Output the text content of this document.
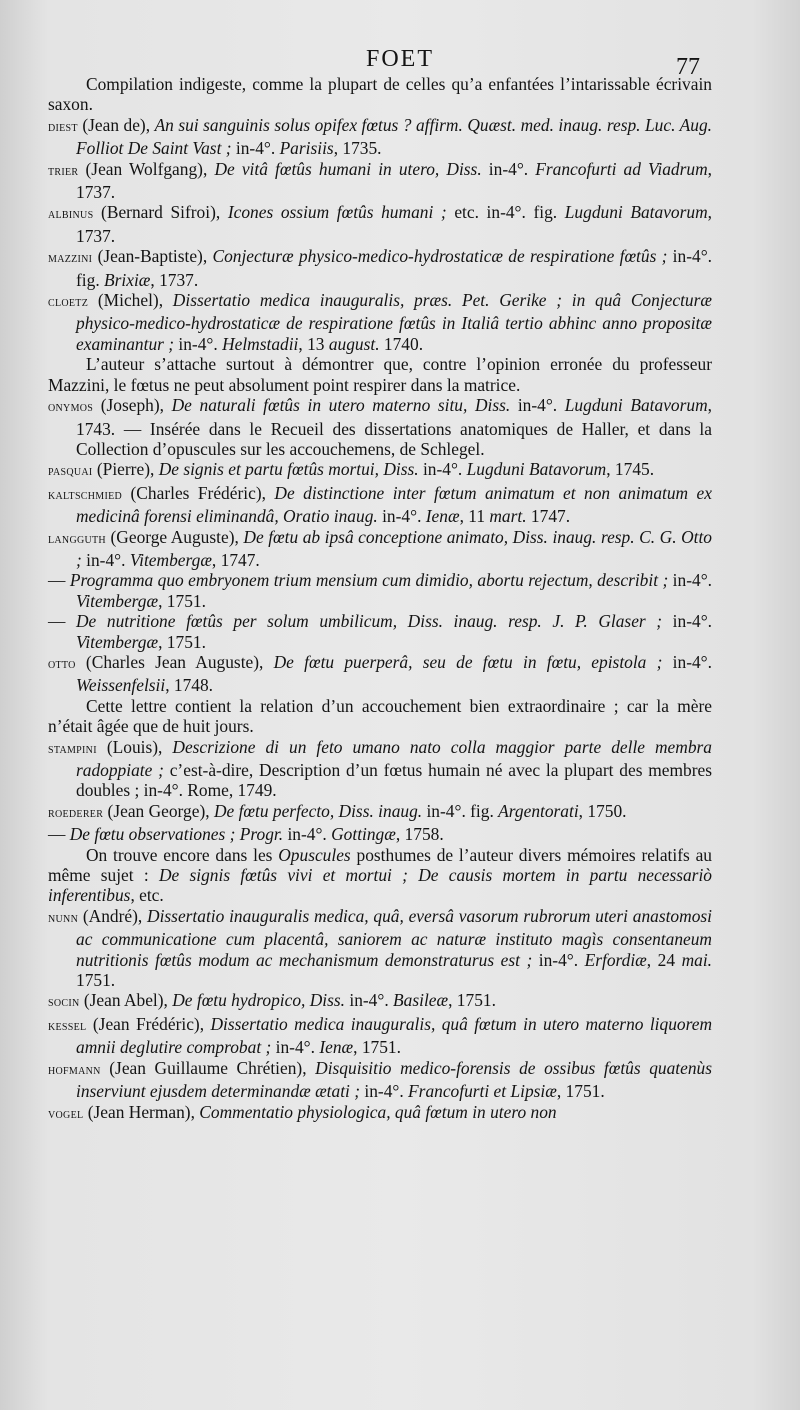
FOET	77

Compilation indigeste, comme la plupart de celles qu’a enfantées l’intarissable écrivain saxon.

diest (Jean de), An sui sanguinis solus opifex fœtus ? affirm. Quæst. med. inaug. resp. Luc. Aug. Folliot De Saint Vast ; in-4°. Parisiis, 1735.

trier (Jean Wolfgang), De vitâ fœtûs humani in utero, Diss. in-4°. Francofurti ad Viadrum, 1737.

albinus (Bernard Sifroi), Icones ossium fœtûs humani ; etc. in-4°. fig. Lugduni Batavorum, 1737.

mazzini (Jean-Baptiste), Conjecturæ physico-medico-hydrostaticæ de respiratione fœtûs ; in-4°. fig. Brixiæ, 1737.

cloetz (Michel), Dissertatio medica inauguralis, præs. Pet. Gerike ; in quâ Conjecturæ physico-medico-hydrostaticæ de respiratione fœtûs in Italiâ tertio abhinc anno propositæ examinantur ; in-4°. Helmstadii, 13 august. 1740.

L’auteur s’attache surtout à démontrer que, contre l’opinion erronée du professeur Mazzini, le fœtus ne peut absolument point respirer dans la matrice.

onymos (Joseph), De naturali fœtûs in utero materno situ, Diss. in-4°. Lugduni Batavorum, 1743. — Insérée dans le Recueil des dissertations anatomiques de Haller, et dans la Collection d’opuscules sur les accouchemens, de Schlegel.

pasquai (Pierre), De signis et partu fœtûs mortui, Diss. in-4°. Lugduni Batavorum, 1745.

kaltschmied (Charles Frédéric), De distinctione inter fœtum animatum et non animatum ex medicinâ forensi eliminandâ, Oratio inaug. in-4°. Ienæ, 11 mart. 1747.

langguth (George Auguste), De fœtu ab ipsâ conceptione animato, Diss. inaug. resp. C. G. Otto ; in-4°. Vitembergæ, 1747.

— Programma quo embryonem trium mensium cum dimidio, abortu rejectum, describit ; in-4°. Vitembergæ, 1751.

— De nutritione fœtûs per solum umbilicum, Diss. inaug. resp. J. P. Glaser ; in-4°. Vitembergæ, 1751.

otto (Charles Jean Auguste), De fœtu puerperâ, seu de fœtu in fœtu, epistola ; in-4°. Weissenfelsii, 1748.

Cette lettre contient la relation d’un accouchement bien extraordinaire ; car la mère n’était âgée que de huit jours.

stampini (Louis), Descrizione di un feto umano nato colla maggior parte delle membra radoppiate ; c’est-à-dire, Description d’un fœtus humain né avec la plupart des membres doubles ; in-4°. Rome, 1749.

roederer (Jean George), De fœtu perfecto, Diss. inaug. in-4°. fig. Argentorati, 1750.

— De fœtu observationes ; Progr. in-4°. Gottingæ, 1758.

On trouve encore dans les Opuscules posthumes de l’auteur divers mémoires relatifs au même sujet : De signis fœtûs vivi et mortui ; De causis mortem in partu necessariò inferentibus, etc.

nunn (André), Dissertatio inauguralis medica, quâ, eversâ vasorum rubrorum uteri anastomosi ac communicatione cum placentâ, saniorem ac naturæ instituto magìs consentaneum nutritionis fœtûs modum ac mechanismum demonstraturus est ; in-4°. Erfordiæ, 24 mai. 1751.

socin (Jean Abel), De fœtu hydropico, Diss. in-4°. Basileæ, 1751.

kessel (Jean Frédéric), Dissertatio medica inauguralis, quâ fœtum in utero materno liquorem amnii deglutire comprobat ; in-4°. Ienæ, 1751.

hofmann (Jean Guillaume Chrétien), Disquisitio medico-forensis de ossibus fœtûs quatenùs inserviunt ejusdem determinandæ ætati ; in-4°. Francofurti et Lipsiæ, 1751.

vogel (Jean Herman), Commentatio physiologica, quâ fœtum in utero non
